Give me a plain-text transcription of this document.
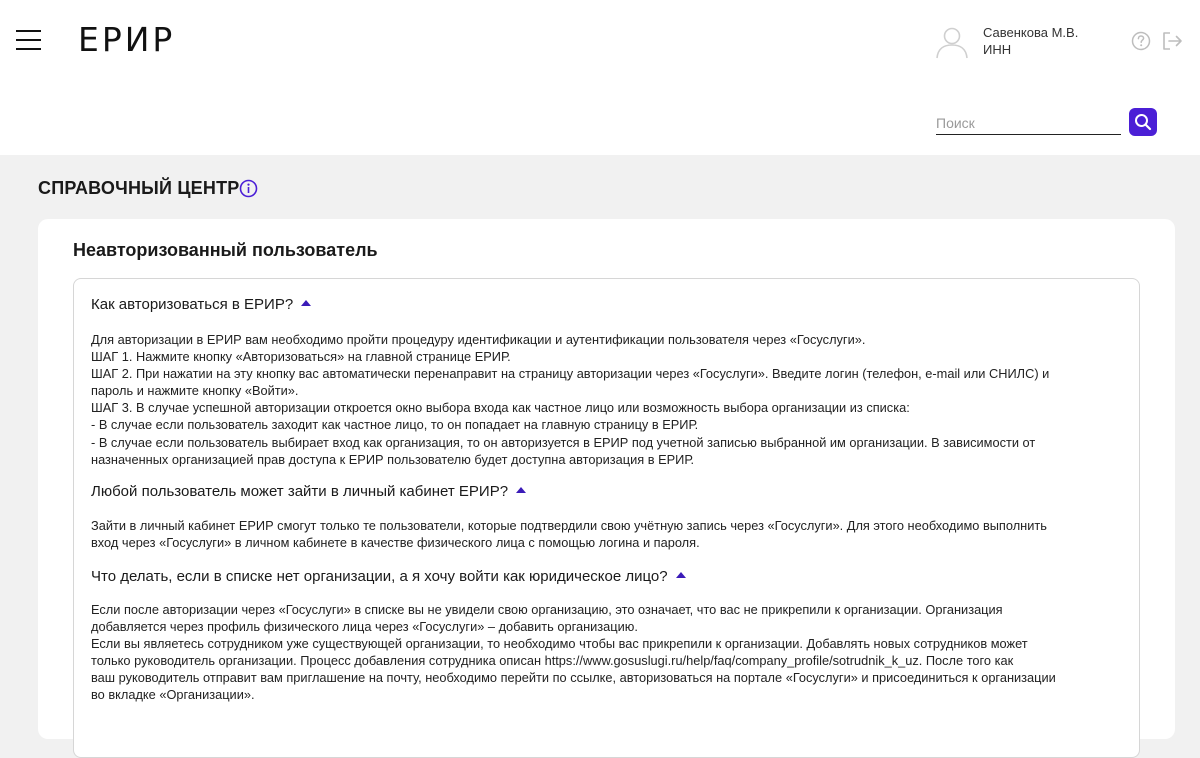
ЕРИР	Савенкова М.В.
ИНН
Поиск
СПРАВОЧНЫЙ ЦЕНТР
Неавторизованный пользователь
Как авторизоваться в ЕРИР?
Для авторизации в ЕРИР вам необходимо пройти процедуру идентификации и аутентификации пользователя через «Госуслуги».
ШАГ 1. Нажмите кнопку «Авторизоваться» на главной странице ЕРИР.
ШАГ 2. При нажатии на эту кнопку вас автоматически перенаправит на страницу авторизации через «Госуслуги». Введите логин (телефон, e-mail или СНИЛС) и
пароль и нажмите кнопку «Войти».
ШАГ 3. В случае успешной авторизации откроется окно выбора входа как частное лицо или возможность выбора организации из списка:
- В случае если пользователь заходит как частное лицо, то он попадает на главную страницу в ЕРИР.
- В случае если пользователь выбирает вход как организация, то он авторизуется в ЕРИР под учетной записью выбранной им организации. В зависимости от
назначенных организацией прав доступа к ЕРИР пользователю будет доступна авторизация в ЕРИР.
Любой пользователь может зайти в личный кабинет ЕРИР?
Зайти в личный кабинет ЕРИР смогут только те пользователи, которые подтвердили свою учётную запись через «Госуслуги». Для этого необходимо выполнить
вход через «Госуслуги» в личном кабинете в качестве физического лица с помощью логина и пароля.
Что делать, если в списке нет организации, а я хочу войти как юридическое лицо?
Если после авторизации через «Госуслуги» в списке вы не увидели свою организацию, это означает, что вас не прикрепили к организации. Организация
добавляется через профиль физического лица через «Госуслуги» – добавить организацию.
Если вы являетесь сотрудником уже существующей организации, то необходимо чтобы вас прикрепили к организации. Добавлять новых сотрудников может
только руководитель организации. Процесс добавления сотрудника описан https://www.gosuslugi.ru/help/faq/company_profile/sotrudnik_k_uz. После того как
ваш руководитель отправит вам приглашение на почту, необходимо перейти по ссылке, авторизоваться на портале «Госуслуги» и присоединиться к организации
во вкладке «Организации».
